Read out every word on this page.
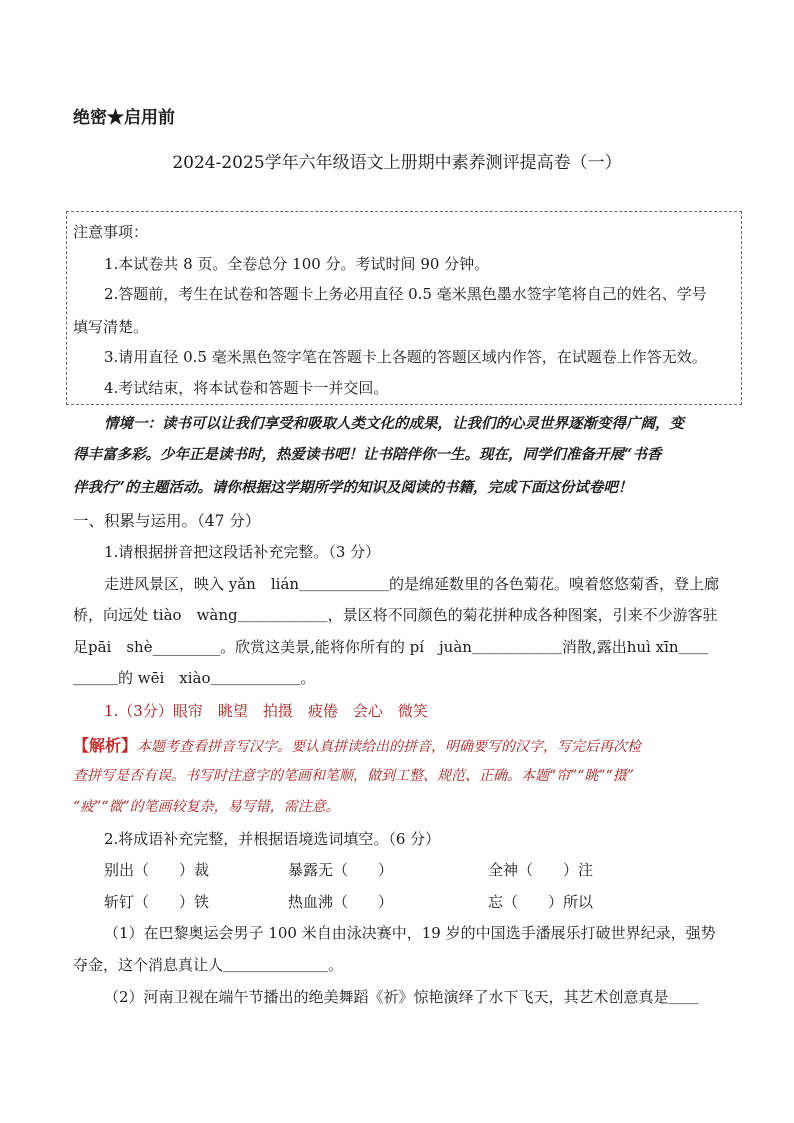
绝密★启用前
2024-2025学年六年级语文上册期中素养测评提高卷（一）
注意事项：
1.本试卷共 8 页。全卷总分 100 分。考试时间 90 分钟。
2.答题前，考生在试卷和答题卡上务必用直径 0.5 毫米黑色墨水签字笔将自己的姓名、学号
填写清楚。
3.请用直径 0.5 毫米黑色签字笔在答题卡上各题的答题区域内作答，在试题卷上作答无效。
4.考试结束，将本试卷和答题卡一并交回。
情境一：读书可以让我们享受和吸取人类文化的成果，让我们的心灵世界逐渐变得广阔，变
得丰富多彩。少年正是读书时，热爱读书吧！让书陪伴你一生。现在，同学们准备开展“书香
伴我行”的主题活动。请你根据这学期所学的知识及阅读的书籍，完成下面这份试卷吧！
一、积累与运用。（47 分）
1.请根据拼音把这段话补充完整。（3 分）
走进风景区，映入 yǎn　lián＿＿＿＿＿＿的是绵延数里的各色菊花。嗅着悠悠菊香，登上廊
桥，向远处 tiào　wàng＿＿＿＿＿＿，景区将不同颜色的菊花拼种成各种图案，引来不少游客驻
足pāi　shè_________。欣赏这美景,能将你所有的 pí　juàn＿＿＿＿＿＿消散,露出huì xīn＿＿
＿＿＿的 wēi　xiào＿＿＿＿＿＿。
1.（3分）眼帘　眺望　拍摄　疲倦　会心　微笑
【解析】本题考查看拼音写汉字。要认真拼读给出的拼音，明确要写的汉字，写完后再次检
查拼写是否有误。书写时注意字的笔画和笔顺，做到工整、规范、正确。本题“帘”“眺”“摄”
“疲”“微”的笔画较复杂，易写错，需注意。
2.将成语补充完整，并根据语境选词填空。（6 分）
别出（　　）裁	暴露无（　　）	全神（　　）注
斩钉（　　）铁	热血沸（　　）	忘（　　）所以
（1）在巴黎奥运会男子 100 米自由泳决赛中，19 岁的中国选手潘展乐打破世界纪录，强势
夺金，这个消息真让人＿＿＿＿＿＿＿。
（2）河南卫视在端午节播出的绝美舞蹈《祈》惊艳演绎了水下飞天，其艺术创意真是＿＿
